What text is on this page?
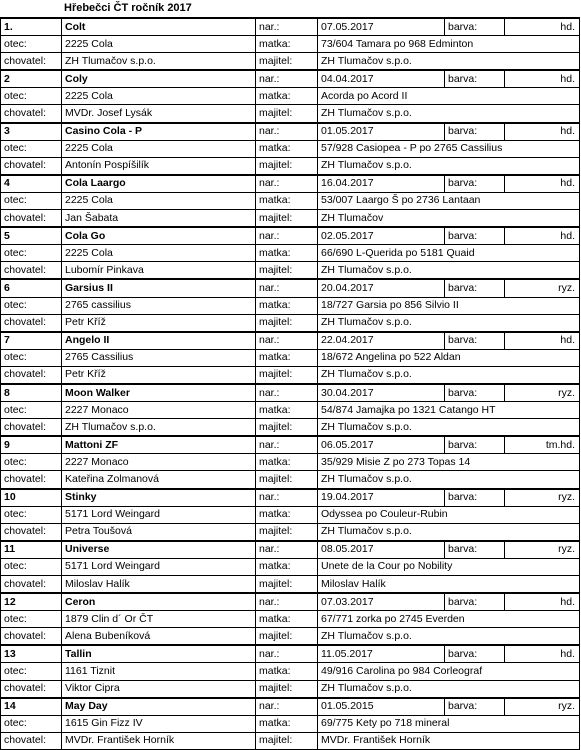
Hřebečci ČT ročník 2017
1.	Colt	nar.:	07.05.2017	barva:	hd.
otec:	2225 Cola	matka:	73/604 Tamara po 968 Edminton		
chovatel:	ZH Tlumačov s.p.o.	majitel:	ZH Tlumačov s.p.o.		
2	Coly	nar.:	04.04.2017	barva:	hd.
otec:	2225 Cola	matka:	Acorda po Acord II		
chovatel:	MVDr. Josef Lysák	majitel:	ZH Tlumačov s.p.o.		
3	Casino Cola - P	nar.:	01.05.2017	barva:	hd.
otec:	2225 Cola	matka:	57/928 Casiopea - P po 2765 Cassilius		
chovatel:	Antonín Pospíšilík	majitel:	ZH Tlumačov s.p.o.		
4	Cola Laargo	nar.:	16.04.2017	barva:	hd.
otec:	2225 Cola	matka:	53/007 Laargo Š po 2736 Lantaan		
chovatel:	Jan Šabata	majitel:	ZH Tlumačov		
5	Cola Go	nar.:	02.05.2017	barva:	hd.
otec:	2225 Cola	matka:	66/690 L-Querida po 5181 Quaid		
chovatel:	Lubomír Pinkava	majitel:	ZH Tlumačov s.p.o.		
6	Garsius II	nar.:	20.04.2017	barva:	ryz.
otec:	2765 cassilius	matka:	18/727 Garsia po 856 Silvio II		
chovatel:	Petr Kříž	majitel:	ZH Tlumačov s.p.o.		
7	Angelo II	nar.:	22.04.2017	barva:	hd.
otec:	2765 Cassilius	matka:	18/672 Angelina po 522 Aldan		
chovatel:	Petr Kříž	majitel:	ZH Tlumačov s.p.o.		
8	Moon Walker	nar.:	30.04.2017	barva:	ryz.
otec:	2227 Monaco	matka:	54/874 Jamajka po 1321 Catango HT		
chovatel:	ZH Tlumačov s.p.o.	majitel:	ZH Tlumačov s.p.o.		
9	Mattoni ZF	nar.:	06.05.2017	barva:	tm.hd.
otec:	2227 Monaco	matka:	35/929 Misie Z po 273 Topas 14		
chovatel:	Kateřina Zolmanová	majitel:	ZH Tlumačov s.p.o.		
10	Stinky	nar.:	19.04.2017	barva:	ryz.
otec:	5171 Lord Weingard	matka:	Odyssea po Couleur-Rubin		
chovatel:	Petra Toušová	majitel:	ZH Tlumačov s.p.o.		
11	Universe	nar.:	08.05.2017	barva:	ryz.
otec:	5171 Lord Weingard	matka:	Unete de la Cour po Nobility		
chovatel:	Miloslav Halík	majitel:	Miloslav Halík		
12	Ceron	nar.:	07.03.2017	barva:	hd.
otec:	1879 Clin d´ Or ČT	matka:	67/771 zorka po 2745 Everden		
chovatel:	Alena Bubeníková	majitel:	ZH Tlumačov s.p.o.		
13	Tallin	nar.:	11.05.2017	barva:	hd.
otec:	1161 Tiznit	matka:	49/916 Carolina po 984 Corleograf		
chovatel:	Viktor Cipra	majitel:	ZH Tlumačov s.p.o.		
14	May Day	nar.:	01.05.2015	barva:	ryz.
otec:	1615 Gin Fizz IV	matka:	69/775 Kety po 718 mineral		
chovatel:	MVDr. František Horník	majitel:	MVDr. František Horník		
